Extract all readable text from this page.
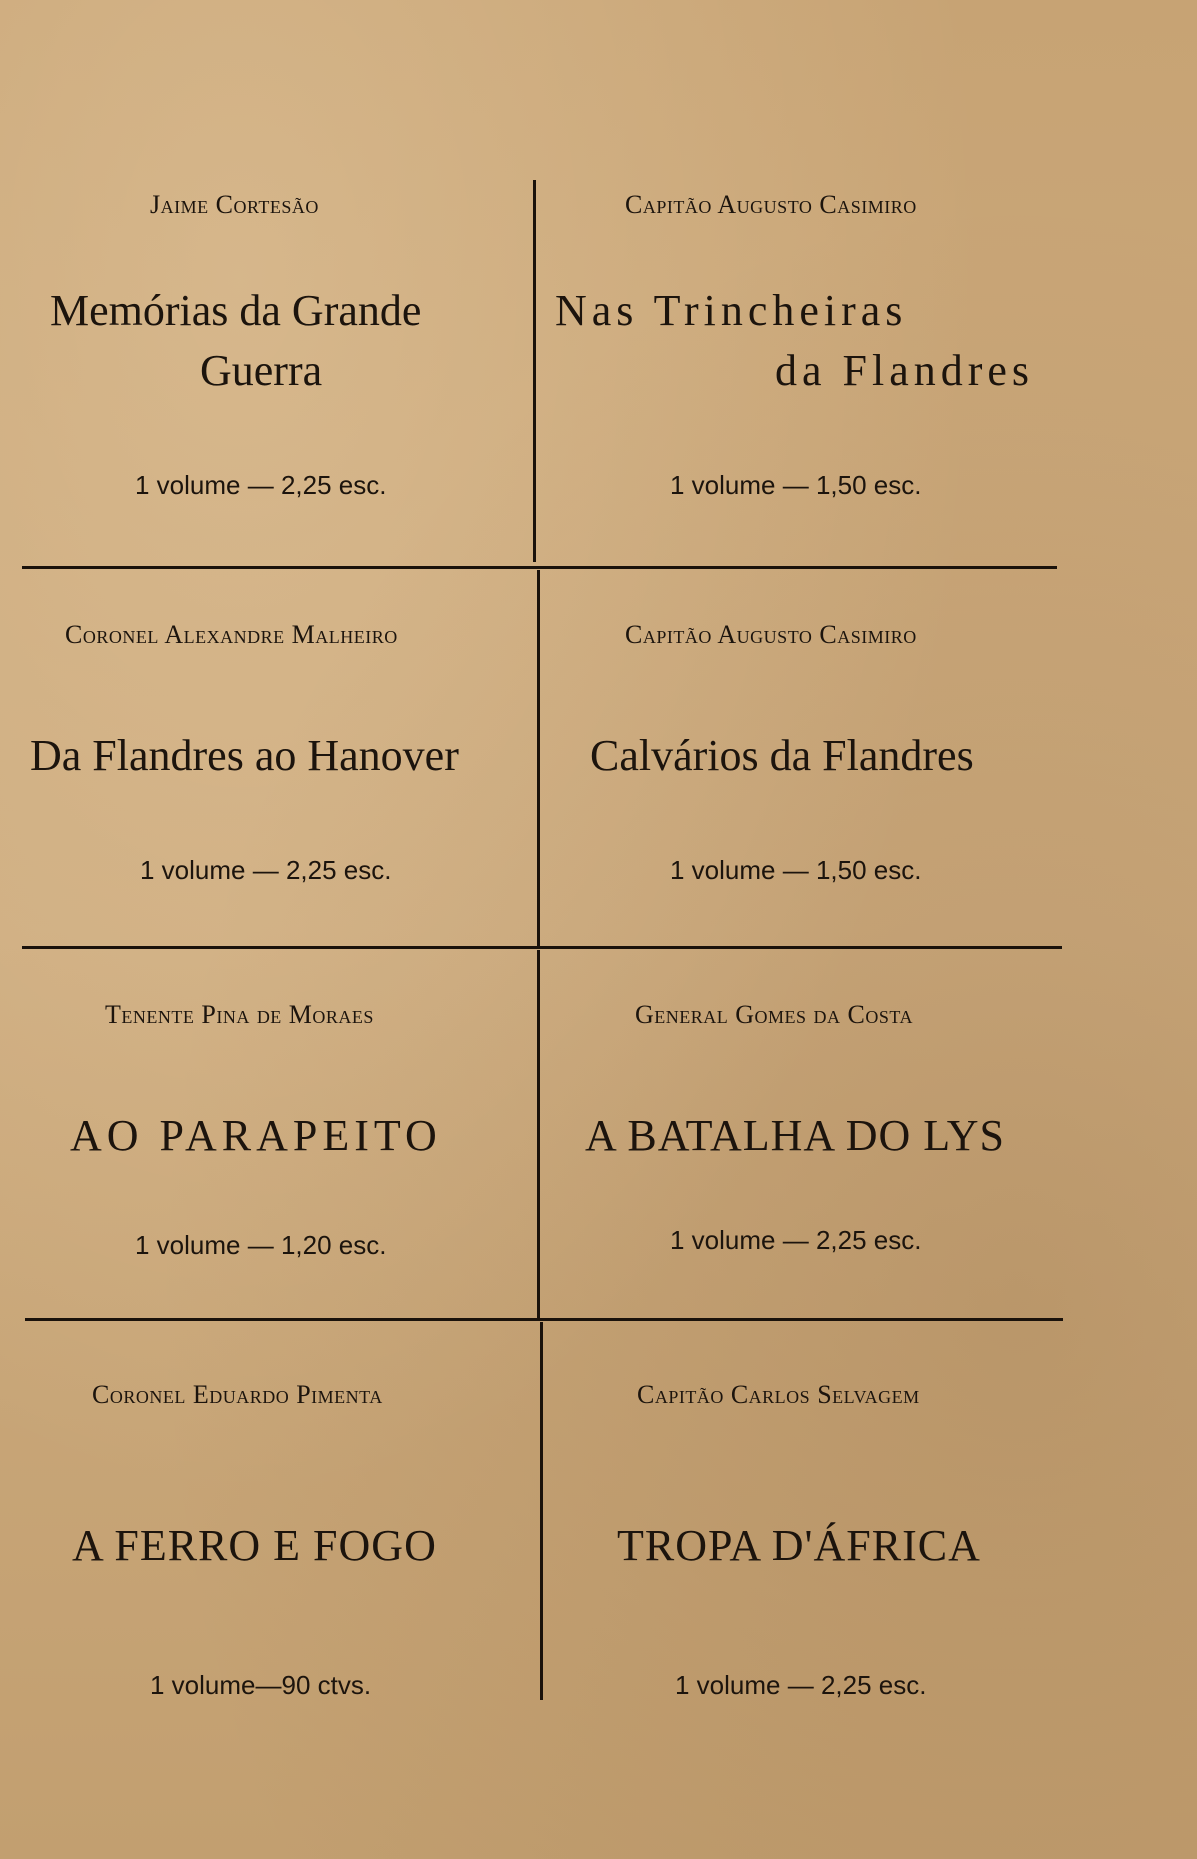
Jaime Cortesão
Memórias da Grande
Guerra
1 volume — 2,25 esc.
Capitão Augusto Casimiro
Nas Trincheiras
da Flandres
1 volume — 1,50 esc.
Coronel Alexandre Malheiro
Da Flandres ao Hanover
1 volume — 2,25 esc.
Capitão Augusto Casimiro
Calvários da Flandres
1 volume — 1,50 esc.
Tenente Pina de Moraes
AO PARAPEITO
1 volume — 1,20 esc.
General Gomes da Costa
A BATALHA DO LYS
1 volume — 2,25 esc.
Coronel Eduardo Pimenta
A FERRO E FOGO
1 volume—90 ctvs.
Capitão Carlos Selvagem
TROPA D'ÁFRICA
1 volume — 2,25 esc.
